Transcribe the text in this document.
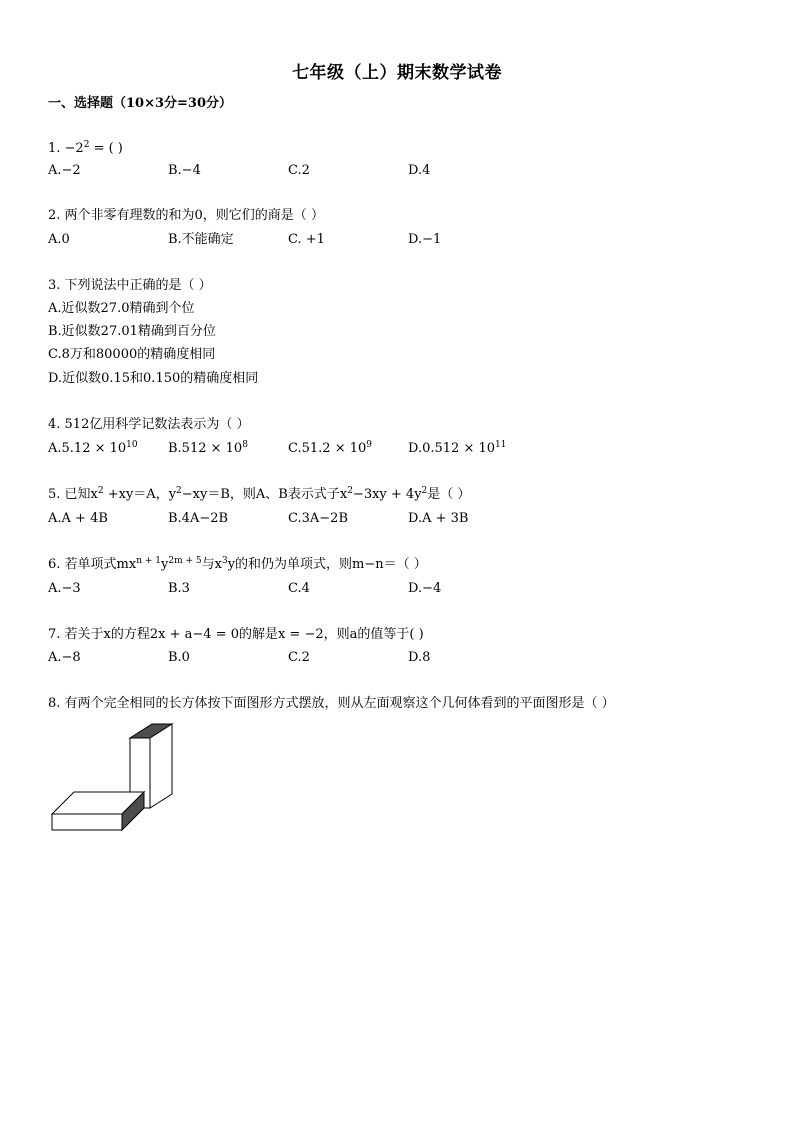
七年级（上）期末数学试卷
一、选择题（10×3分=30分）
1. $-2^2$ = ( )
A.−2	B.−4	C.2	D.4
2. 两个非零有理数的和为0，则它们的商是（ ）
A.0	B.不能确定	C. +1	D.−1
3. 下列说法中正确的是（ ）
A.近似数27.0精确到个位
B.近似数27.01精确到百分位
C.8万和80000的精确度相同
D.近似数0.15和0.150的精确度相同
4. 512亿用科学记数法表示为（ ）
$A.5.12 \times 10^{10}$ $B.512 \times 10^8$	$C.51.2 \times 10^9$	$D.0.512 \times 10^{11}$
5. 已知$x^2 +xy=A$，$y^2-xy=B$，则A、B表示式子$x^2-3xy + 4y^2$是（ ）
A.A + 4B	B.4A−2B	C.3A−2B	D.A + 3B
6. 若单项式$mx^{n + 1}y^{2m + 5}$与$x^3y$的和仍为单项式，则m−n＝（ ）
A.−3	B.3	C.4	D.−4
7. 若关于x的方程2x + a−4 = 0的解是x = −2，则a的值等于( )
A.−8	B.0	C.2	D.8
8. 有两个完全相同的长方体按下面图形方式摆放，则从左面观察这个几何体看到的平面图形是（ ）
